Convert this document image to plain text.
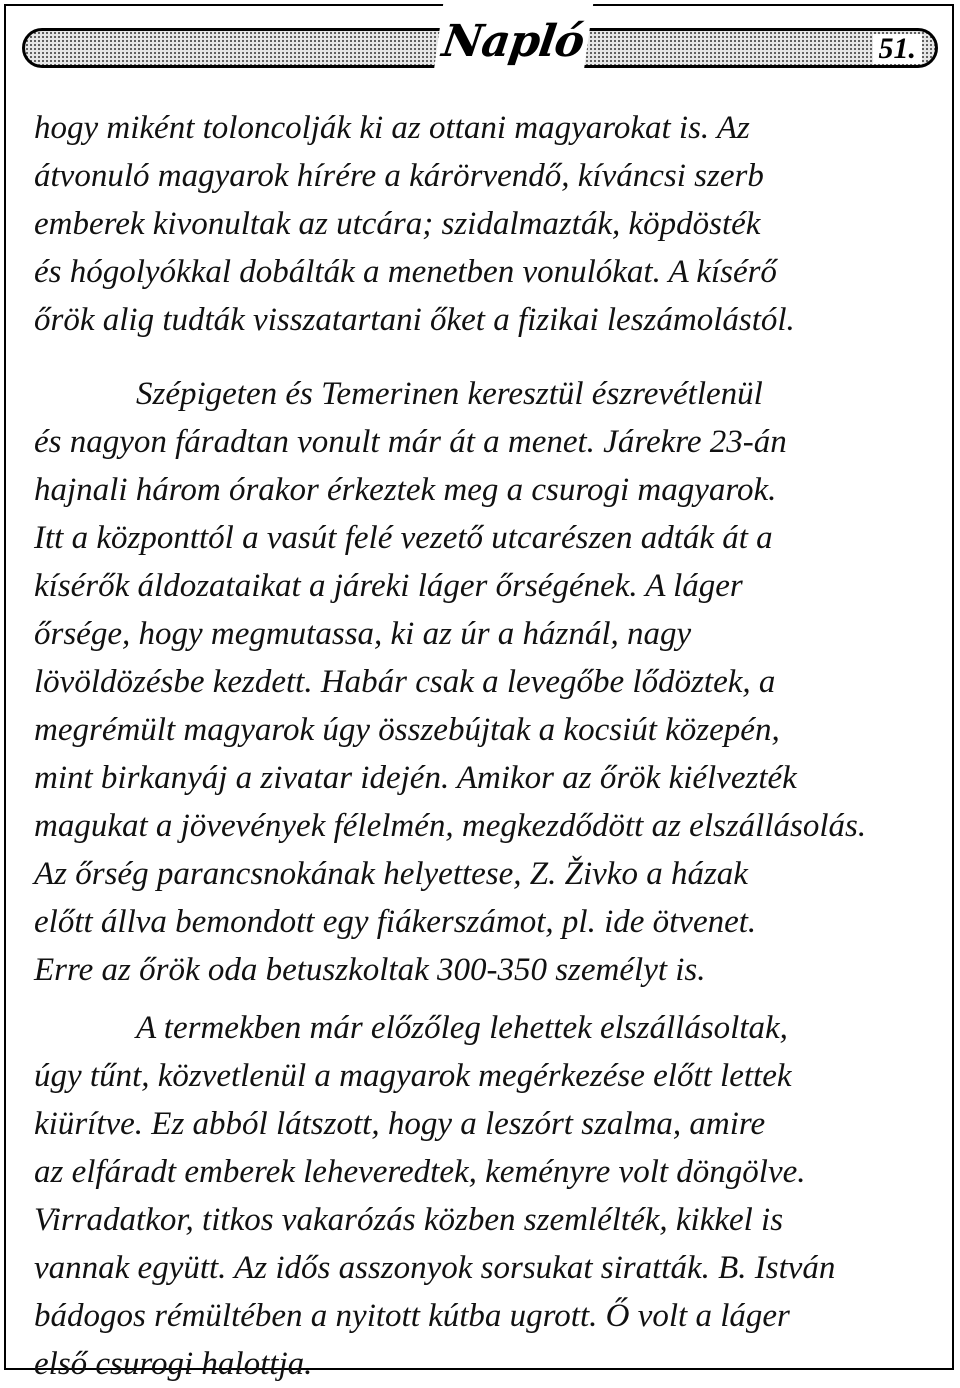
Napló	51.
hogy miként toloncolják ki az ottani magyarokat is. Az
átvonuló magyarok hírére a kárörvendő, kíváncsi szerb
emberek kivonultak az utcára; szidalmazták, köpdösték
és hógolyókkal dobálták a menetben vonulókat. A kísérő
őrök alig tudták visszatartani őket a fizikai leszámolástól.
Szépigeten és Temerinen keresztül észrevétlenül
és nagyon fáradtan vonult már át a menet. Járekre 23-án
hajnali három órakor érkeztek meg a csurogi magyarok.
Itt a központtól a vasút felé vezető utcarészen adták át a
kísérők áldozataikat a járeki láger őrségének. A láger
őrsége, hogy megmutassa, ki az úr a háznál, nagy
lövöldözésbe kezdett. Habár csak a levegőbe lődöztek, a
megrémült magyarok úgy összebújtak a kocsiút közepén,
mint birkanyáj a zivatar idején. Amikor az őrök kiélvezték
magukat a jövevények félelmén, megkezdődött az elszállásolás.
Az őrség parancsnokának helyettese, Z. Živko a házak
előtt állva bemondott egy fiákerszámot, pl. ide ötvenet.
Erre az őrök oda betuszkoltak 300-350 személyt is.
A termekben már előzőleg lehettek elszállásoltak,
úgy tűnt, közvetlenül a magyarok megérkezése előtt lettek
kiürítve. Ez abból látszott, hogy a leszórt szalma, amire
az elfáradt emberek leheveredtek, keményre volt döngölve.
Virradatkor, titkos vakarózás közben szemlélték, kikkel is
vannak együtt. Az idős asszonyok sorsukat siratták. B. István
bádogos rémültében a nyitott kútba ugrott. Ő volt a láger
első csurogi halottja.
